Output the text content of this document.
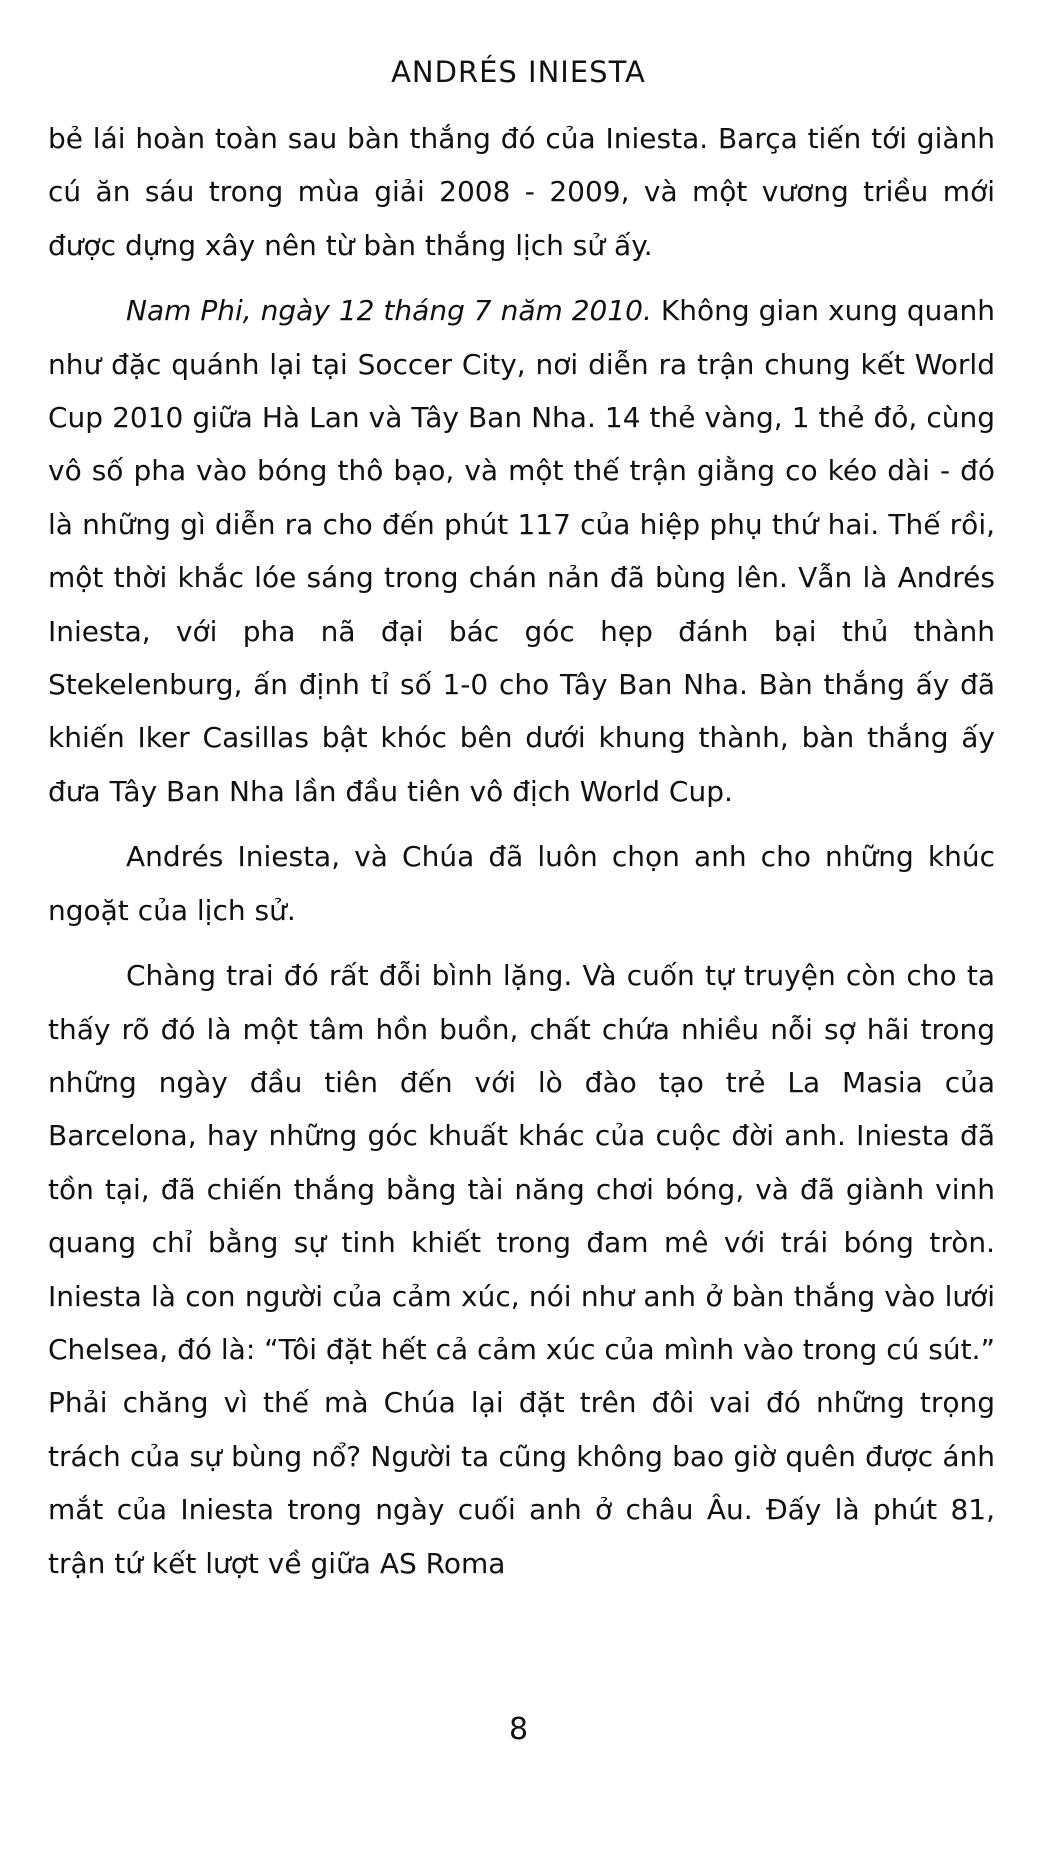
ANDRÉS INIESTA

bẻ lái hoàn toàn sau bàn thắng đó của Iniesta. Barça tiến tới giành cú ăn sáu trong mùa giải 2008 - 2009, và một vương triều mới được dựng xây nên từ bàn thắng lịch sử ấy.

Nam Phi, ngày 12 tháng 7 năm 2010. Không gian xung quanh như đặc quánh lại tại Soccer City, nơi diễn ra trận chung kết World Cup 2010 giữa Hà Lan và Tây Ban Nha. 14 thẻ vàng, 1 thẻ đỏ, cùng vô số pha vào bóng thô bạo, và một thế trận giằng co kéo dài - đó là những gì diễn ra cho đến phút 117 của hiệp phụ thứ hai. Thế rồi, một thời khắc lóe sáng trong chán nản đã bùng lên. Vẫn là Andrés Iniesta, với pha nã đại bác góc hẹp đánh bại thủ thành Stekelenburg, ấn định tỉ số 1-0 cho Tây Ban Nha. Bàn thắng ấy đã khiến Iker Casillas bật khóc bên dưới khung thành, bàn thắng ấy đưa Tây Ban Nha lần đầu tiên vô địch World Cup.

Andrés Iniesta, và Chúa đã luôn chọn anh cho những khúc ngoặt của lịch sử.

Chàng trai đó rất đỗi bình lặng. Và cuốn tự truyện còn cho ta thấy rõ đó là một tâm hồn buồn, chất chứa nhiều nỗi sợ hãi trong những ngày đầu tiên đến với lò đào tạo trẻ La Masia của Barcelona, hay những góc khuất khác của cuộc đời anh. Iniesta đã tồn tại, đã chiến thắng bằng tài năng chơi bóng, và đã giành vinh quang chỉ bằng sự tinh khiết trong đam mê với trái bóng tròn. Iniesta là con người của cảm xúc, nói như anh ở bàn thắng vào lưới Chelsea, đó là: “Tôi đặt hết cả cảm xúc của mình vào trong cú sút.” Phải chăng vì thế mà Chúa lại đặt trên đôi vai đó những trọng trách của sự bùng nổ? Người ta cũng không bao giờ quên được ánh mắt của Iniesta trong ngày cuối anh ở châu Âu. Đấy là phút 81, trận tứ kết lượt về giữa AS Roma

8
